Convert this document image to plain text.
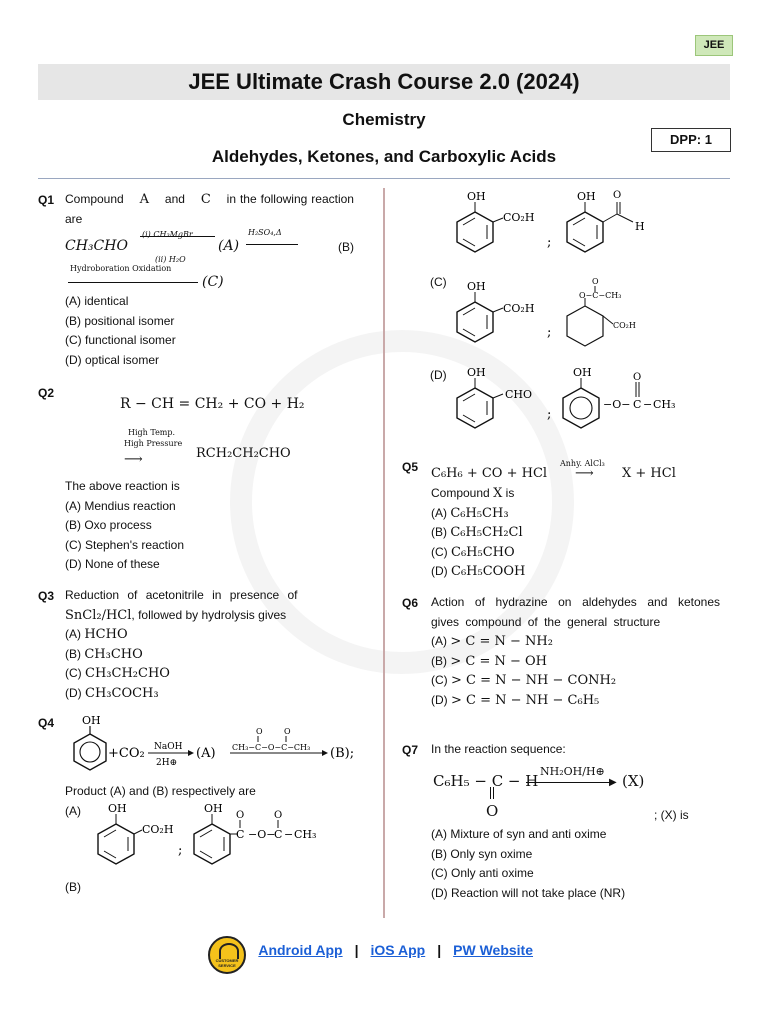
JEE
JEE Ultimate Crash Course 2.0 (2024)
Chemistry
Aldehydes, Ketones, and Carboxylic Acids
DPP: 1
Q1 Compound A and C in the following reaction are
CH₃CHO
(i) CH₃MgBr
(ii) H₂O
(A)
H₂SO₄,Δ
(B)
Hydroboration Oxidation
(C)
(A) identical
(B) positional isomer
(C) functional isomer
(D) optical isomer
Q2
R − CH = CH₂ + CO + H₂
High Temp.
High Pressure
⟶	RCH₂CH₂CHO
The above reaction is
(A) Mendius reaction
(B) Oxo process
(C) Stephen's reaction
(D) None of these
Q3 Reduction of acetonitrile in presence of
SnCl₂/HCl, followed by hydrolysis gives
(A) HCHO
(B) CH₃CHO
(C) CH₃CH₂CHO
(D) CH₃COCH₃
Q4	OH
+CO₂ NaOH
2H⊕
(A) CH₃−C−O−C−CH₃
O	O
(B);
Product (A) and (B) respectively are
(A) OH
CO₂H
;
OH
C
O
−O−
C
O
− CH₃
(B)
OH
CO₂H
;
OH O
H
(C) OH
CO₂H
;
O−C−CH₃
O
CO₂H
(D) OH
CHO
;
OH
−O− C
O
− CH₃
Q5 C₆H₆ + CO + HCl
Anhy. AlCl₃
⟶ X + HCl
Compound X is
(A) C₆H₅CH₃
(B) C₆H₅CH₂Cl
(C) C₆H₅CHO
(D) C₆H₅COOH
Q6 Action of hydrazine on aldehydes and ketones gives compound of the general structure
(A) > C = N − NH₂
(B) > C = N − OH
(C) > C = N − NH − CONH₂
(D) > C = N − NH − C₆H₅
Q7 In the reaction sequence:
C₆H₅ − C − H
O
NH₂OH/H⊕
▶ (X)
; (X) is
(A) Mixture of syn and anti oxime
(B) Only syn oxime
(C) Only anti oxime
(D) Reaction will not take place (NR)
CUSTOMER SERVICE
Android App | iOS App | PW Website
